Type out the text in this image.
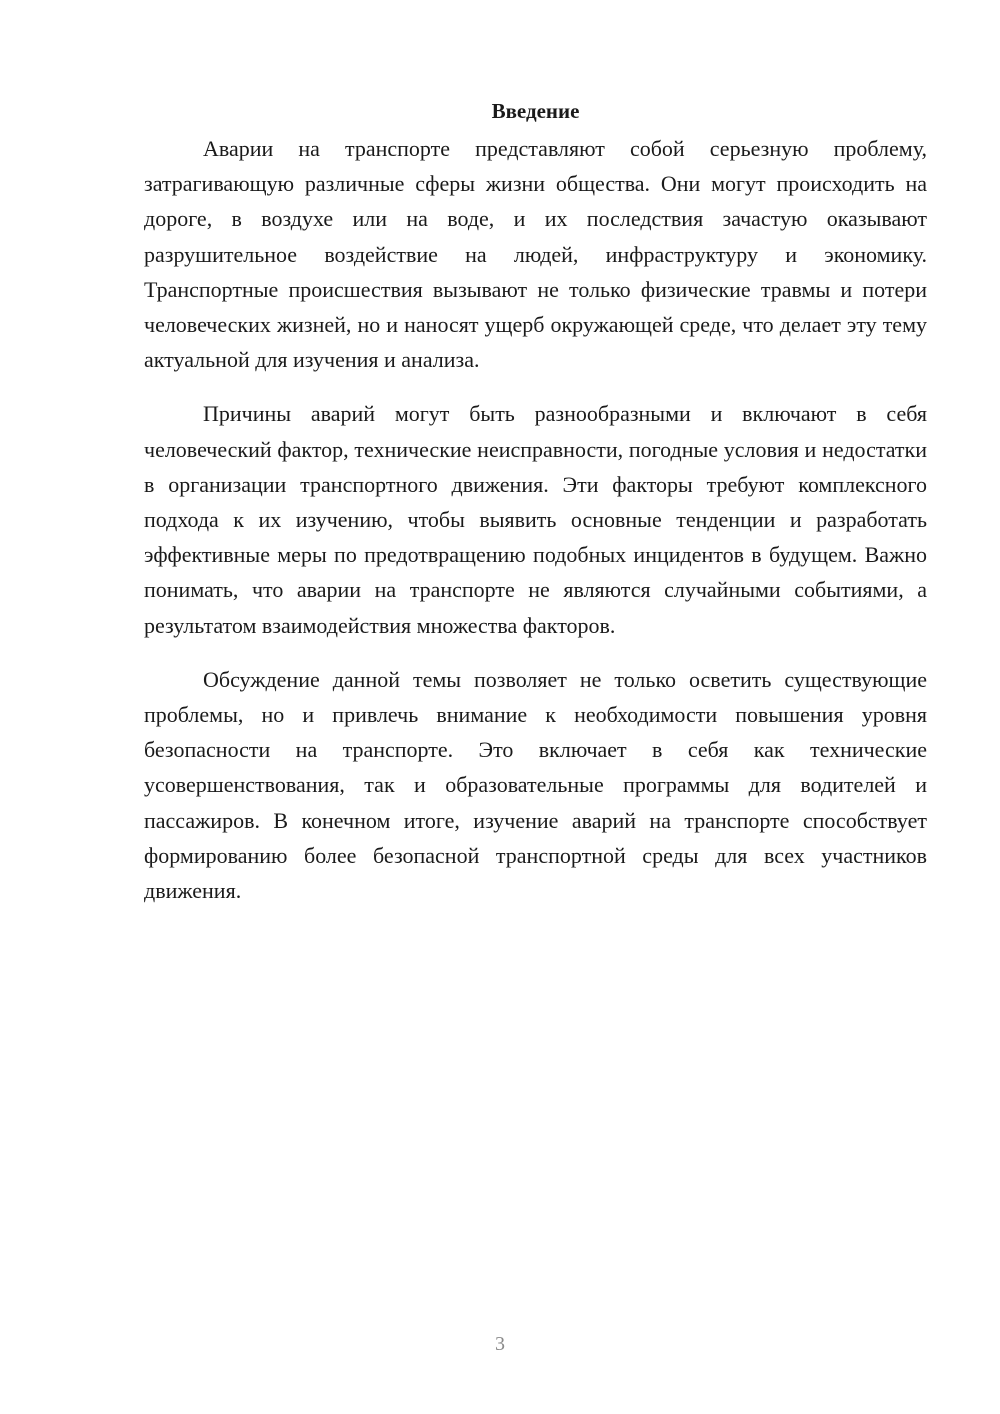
Введение

Аварии на транспорте представляют собой серьезную проблему, затрагивающую различные сферы жизни общества. Они могут происходить на дороге, в воздухе или на воде, и их последствия зачастую оказывают разрушительное воздействие на людей, инфраструктуру и экономику. Транспортные происшествия вызывают не только физические травмы и потери человеческих жизней, но и наносят ущерб окружающей среде, что делает эту тему актуальной для изучения и анализа.

Причины аварий могут быть разнообразными и включают в себя человеческий фактор, технические неисправности, погодные условия и недостатки в организации транспортного движения. Эти факторы требуют комплексного подхода к их изучению, чтобы выявить основные тенденции и разработать эффективные меры по предотвращению подобных инцидентов в будущем. Важно понимать, что аварии на транспорте не являются случайными событиями, а результатом взаимодействия множества факторов.

Обсуждение данной темы позволяет не только осветить существующие проблемы, но и привлечь внимание к необходимости повышения уровня безопасности на транспорте. Это включает в себя как технические усовершенствования, так и образовательные программы для водителей и пассажиров. В конечном итоге, изучение аварий на транспорте способствует формированию более безопасной транспортной среды для всех участников движения.

3
